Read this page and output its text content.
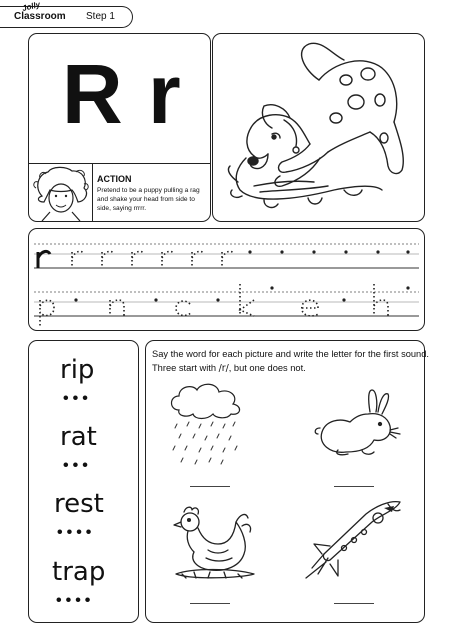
Jolly
Classroom Step 1
R r
ACTION
Pretend to be a puppy pulling a rag and shake your head from side to side, saying rrrrr.
rip
•••
rat
•••
rest
••••
trap
••••
Say the word for each picture and write the letter for the first sound. Three start with /r/, but one does not.
